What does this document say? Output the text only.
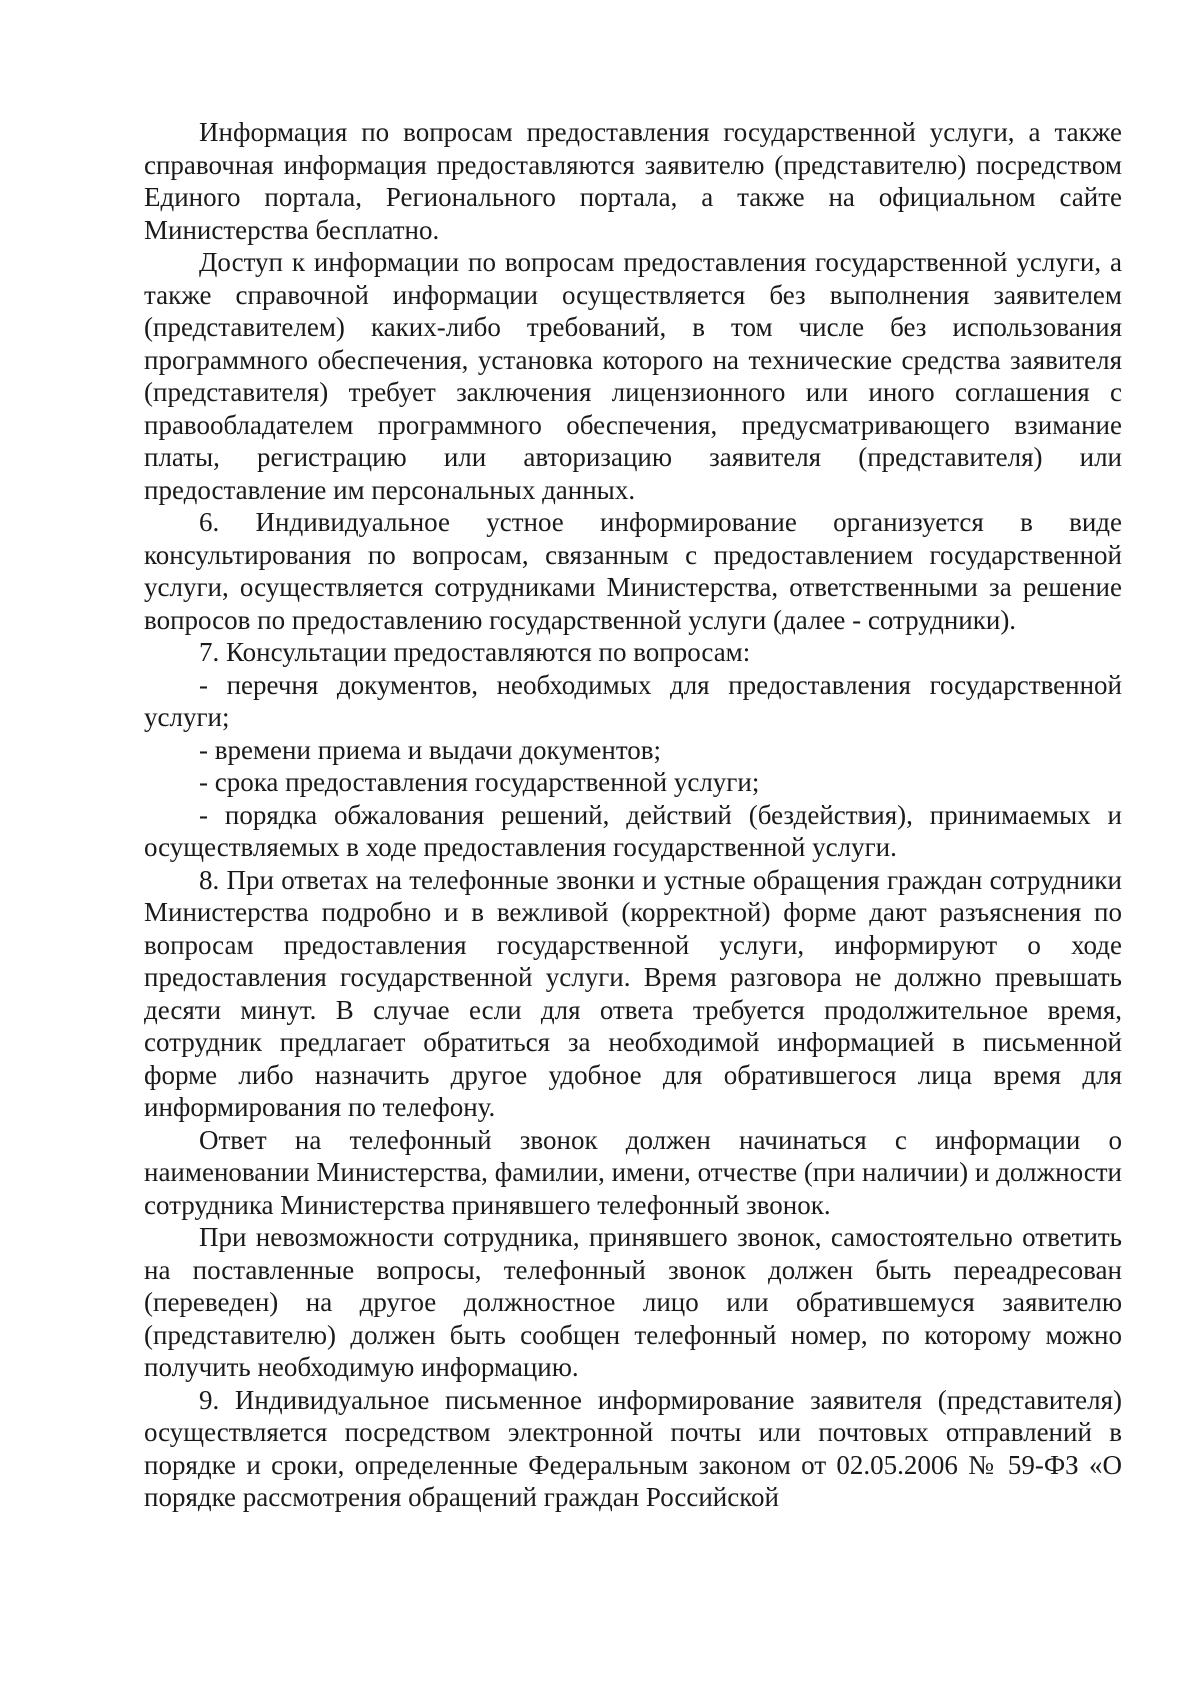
Информация по вопросам предоставления государственной услуги, а также справочная информация предоставляются заявителю (представителю) посредством Единого портала, Регионального портала, а также на официальном сайте Министерства бесплатно.

Доступ к информации по вопросам предоставления государственной услуги, а также справочной информации осуществляется без выполнения заявителем (представителем) каких-либо требований, в том числе без использования программного обеспечения, установка которого на технические средства заявителя (представителя) требует заключения лицензионного или иного соглашения с правообладателем программного обеспечения, предусматривающего взимание платы, регистрацию или авторизацию заявителя (представителя) или предоставление им персональных данных.

6. Индивидуальное устное информирование организуется в виде консультирования по вопросам, связанным с предоставлением государственной услуги, осуществляется сотрудниками Министерства, ответственными за решение вопросов по предоставлению государственной услуги (далее - сотрудники).

7. Консультации предоставляются по вопросам:

- перечня документов, необходимых для предоставления государственной услуги;

- времени приема и выдачи документов;

- срока предоставления государственной услуги;

- порядка обжалования решений, действий (бездействия), принимаемых и осуществляемых в ходе предоставления государственной услуги.

8. При ответах на телефонные звонки и устные обращения граждан сотрудники Министерства подробно и в вежливой (корректной) форме дают разъяснения по вопросам предоставления государственной услуги, информируют о ходе предоставления государственной услуги. Время разговора не должно превышать десяти минут. В случае если для ответа требуется продолжительное время, сотрудник предлагает обратиться за необходимой информацией в письменной форме либо назначить другое удобное для обратившегося лица время для информирования по телефону.

Ответ на телефонный звонок должен начинаться с информации о наименовании Министерства, фамилии, имени, отчестве (при наличии) и должности сотрудника Министерства принявшего телефонный звонок.

При невозможности сотрудника, принявшего звонок, самостоятельно ответить на поставленные вопросы, телефонный звонок должен быть переадресован (переведен) на другое должностное лицо или обратившемуся заявителю (представителю) должен быть сообщен телефонный номер, по которому можно получить необходимую информацию.

9. Индивидуальное письменное информирование заявителя (представителя) осуществляется посредством электронной почты или почтовых отправлений в порядке и сроки, определенные Федеральным законом от 02.05.2006 № 59-ФЗ «О порядке рассмотрения обращений граждан Российской
